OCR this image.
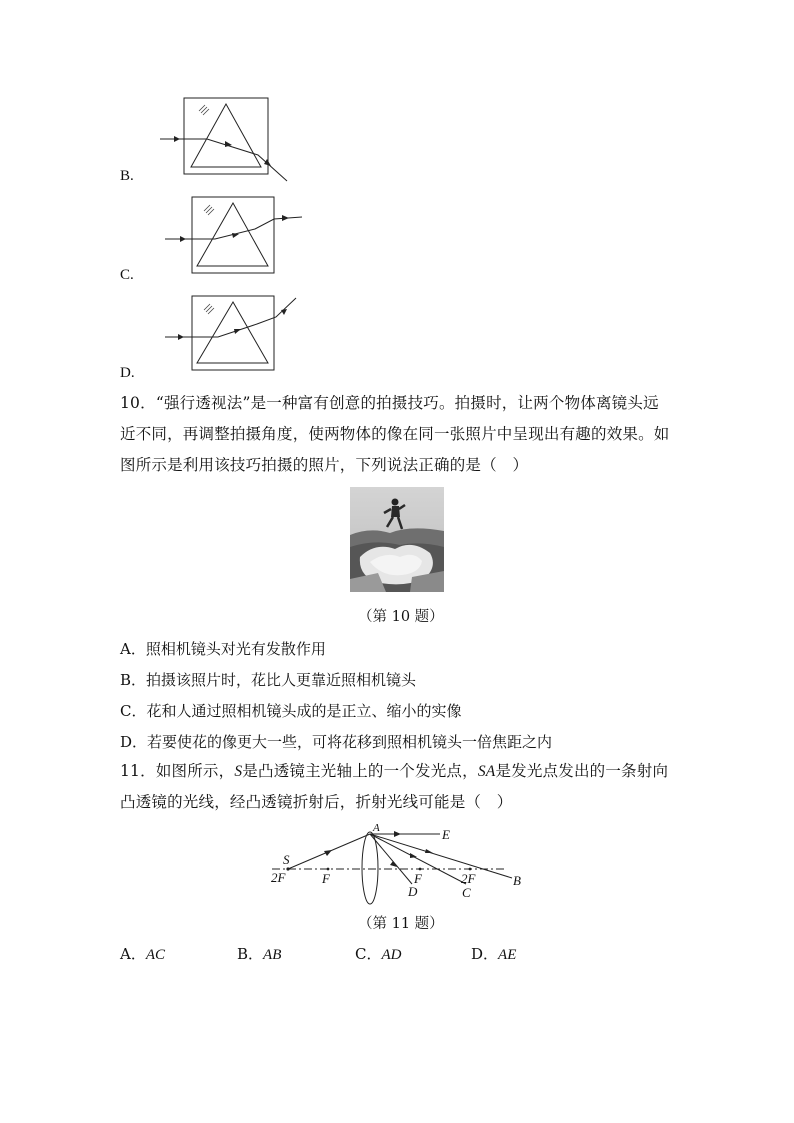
B.
C.
D.
10．“强行透视法”是一种富有创意的拍摄技巧。拍摄时，让两个物体离镜头远
近不同，再调整拍摄角度，使两物体的像在同一张照片中呈现出有趣的效果。如
图所示是利用该技巧拍摄的照片，下列说法正确的是（　）
（第 10 题）
A．照相机镜头对光有发散作用
B．拍摄该照片时，花比人更靠近照相机镜头
C．花和人通过照相机镜头成的是正立、缩小的实像
D．若要使花的像更大一些，可将花移到照相机镜头一倍焦距之内
11．如图所示，S是凸透镜主光轴上的一个发光点，SA是发光点发出的一条射向
凸透镜的光线，经凸透镜折射后，折射光线可能是（　）
A	E
S
2F	F	F
D
2F
C
B
（第 11 题）
A．AC	B．AB	C．AD	D．AE
